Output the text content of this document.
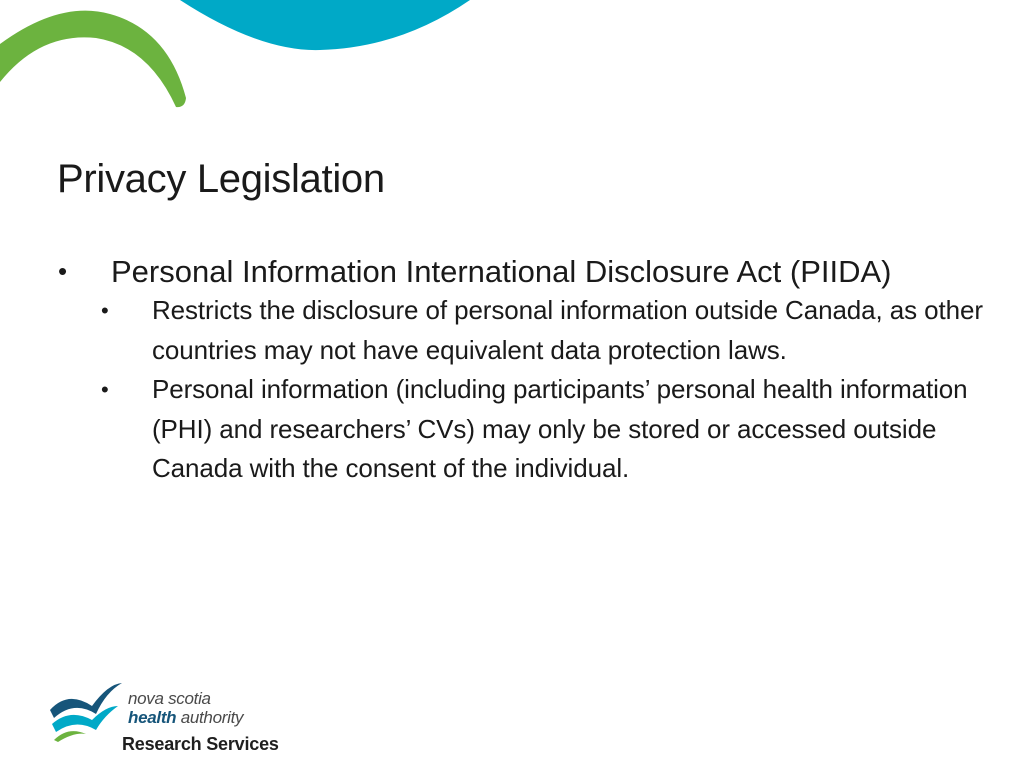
Privacy Legislation
• Personal Information International Disclosure Act (PIIDA)
• Restricts the disclosure of personal information outside Canada, as other countries may not have equivalent data protection laws.
• Personal information (including participants’ personal health information (PHI) and researchers’ CVs) may only be stored or accessed outside Canada with the consent of the individual.
nova scotia
health authority
Research Services
